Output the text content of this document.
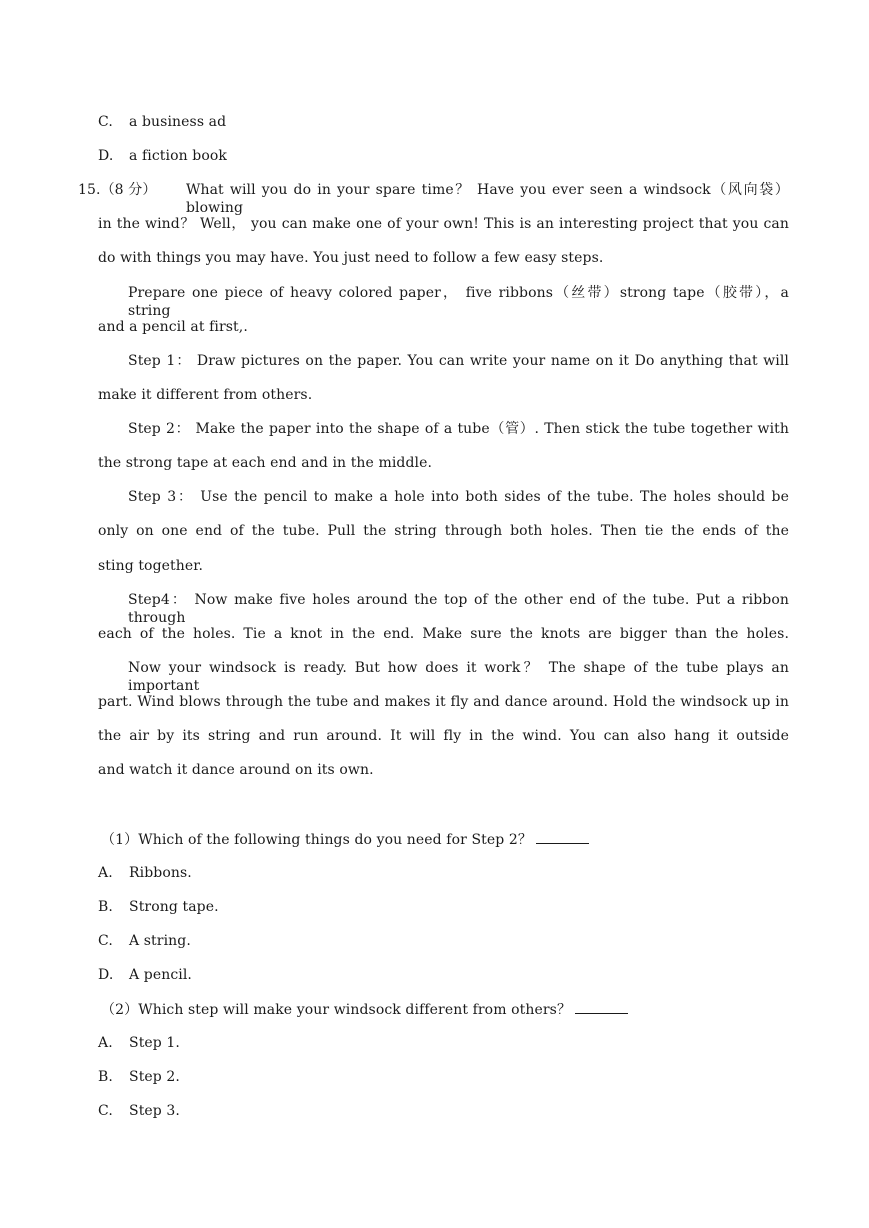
C. a business ad
D. a fiction book
15.（8 分） What will you do in your spare time？ Have you ever seen a windsock（风向袋） blowing
in the wind？ Well， you can make one of your own! This is an interesting project that you can
do with things you may have. You just need to follow a few easy steps.
Prepare one piece of heavy colored paper， five ribbons（丝带）strong tape（胶带），a string
and a pencil at first,.
Step 1： Draw pictures on the paper. You can write your name on it Do anything that will
make it different from others.
Step 2： Make the paper into the shape of a tube（管）. Then stick the tube together with
the strong tape at each end and in the middle.
Step 3： Use the pencil to make a hole into both sides of the tube. The holes should be
only on one end of the tube. Pull the string through both holes. Then tie the ends of the
sting together.
Step4： Now make five holes around the top of the other end of the tube. Put a ribbon through
each of the holes. Tie a knot in the end. Make sure the knots are bigger than the holes.
Now your windsock is ready. But how does it work？ The shape of the tube plays an important
part. Wind blows through the tube and makes it fly and dance around. Hold the windsock up in
the air by its string and run around. It will fly in the wind. You can also hang it outside
and watch it dance around on its own.
（1）Which of the following things do you need for Step 2？
A. Ribbons.
B. Strong tape.
C. A string.
D. A pencil.
（2）Which step will make your windsock different from others？
A. Step 1.
B. Step 2.
C. Step 3.
